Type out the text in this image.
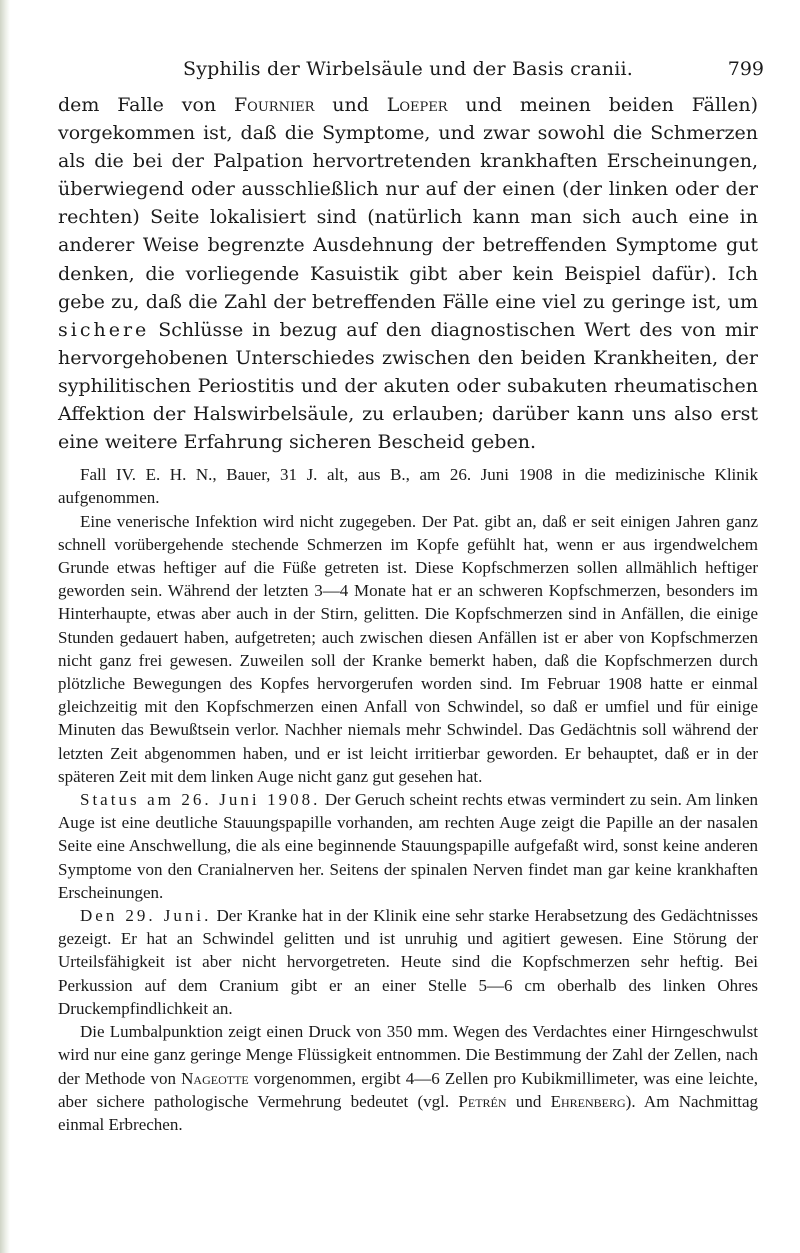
Syphilis der Wirbelsäule und der Basis cranii.	799

dem Falle von Fournier und Loeper und meinen beiden Fällen) vorgekommen ist, daß die Symptome, und zwar sowohl die Schmerzen als die bei der Palpation hervortretenden krankhaften Erscheinungen, überwiegend oder ausschließlich nur auf der einen (der linken oder der rechten) Seite lokalisiert sind (natürlich kann man sich auch eine in anderer Weise begrenzte Ausdehnung der betreffenden Symptome gut denken, die vorliegende Kasuistik gibt aber kein Beispiel dafür). Ich gebe zu, daß die Zahl der betreffenden Fälle eine viel zu geringe ist, um sichere Schlüsse in bezug auf den diagnostischen Wert des von mir hervorgehobenen Unterschiedes zwischen den beiden Krankheiten, der syphilitischen Periostitis und der akuten oder subakuten rheumatischen Affektion der Halswirbelsäule, zu erlauben; darüber kann uns also erst eine weitere Erfahrung sicheren Bescheid geben.

Fall IV. E. H. N., Bauer, 31 J. alt, aus B., am 26. Juni 1908 in die medizinische Klinik aufgenommen.

Eine venerische Infektion wird nicht zugegeben. Der Pat. gibt an, daß er seit einigen Jahren ganz schnell vorübergehende stechende Schmerzen im Kopfe gefühlt hat, wenn er aus irgendwelchem Grunde etwas heftiger auf die Füße getreten ist. Diese Kopfschmerzen sollen allmählich heftiger geworden sein. Während der letzten 3—4 Monate hat er an schweren Kopfschmerzen, besonders im Hinterhaupte, etwas aber auch in der Stirn, gelitten. Die Kopfschmerzen sind in Anfällen, die einige Stunden gedauert haben, aufgetreten; auch zwischen diesen Anfällen ist er aber von Kopfschmerzen nicht ganz frei gewesen. Zuweilen soll der Kranke bemerkt haben, daß die Kopfschmerzen durch plötzliche Bewegungen des Kopfes hervorgerufen worden sind. Im Februar 1908 hatte er einmal gleichzeitig mit den Kopfschmerzen einen Anfall von Schwindel, so daß er umfiel und für einige Minuten das Bewußtsein verlor. Nachher niemals mehr Schwindel. Das Gedächtnis soll während der letzten Zeit abgenommen haben, und er ist leicht irritierbar geworden. Er behauptet, daß er in der späteren Zeit mit dem linken Auge nicht ganz gut gesehen hat.

Status am 26. Juni 1908. Der Geruch scheint rechts etwas vermindert zu sein. Am linken Auge ist eine deutliche Stauungspapille vorhanden, am rechten Auge zeigt die Papille an der nasalen Seite eine Anschwellung, die als eine beginnende Stauungspapille aufgefaßt wird, sonst keine anderen Symptome von den Cranialnerven her. Seitens der spinalen Nerven findet man gar keine krankhaften Erscheinungen.

Den 29. Juni. Der Kranke hat in der Klinik eine sehr starke Herabsetzung des Gedächtnisses gezeigt. Er hat an Schwindel gelitten und ist unruhig und agitiert gewesen. Eine Störung der Urteilsfähigkeit ist aber nicht hervorgetreten. Heute sind die Kopfschmerzen sehr heftig. Bei Perkussion auf dem Cranium gibt er an einer Stelle 5—6 cm oberhalb des linken Ohres Druckempfindlichkeit an.

Die Lumbalpunktion zeigt einen Druck von 350 mm. Wegen des Verdachtes einer Hirngeschwulst wird nur eine ganz geringe Menge Flüssigkeit entnommen. Die Bestimmung der Zahl der Zellen, nach der Methode von Nageotte vorgenommen, ergibt 4—6 Zellen pro Kubikmillimeter, was eine leichte, aber sichere pathologische Vermehrung bedeutet (vgl. Petrén und Ehrenberg). Am Nachmittag einmal Erbrechen.
